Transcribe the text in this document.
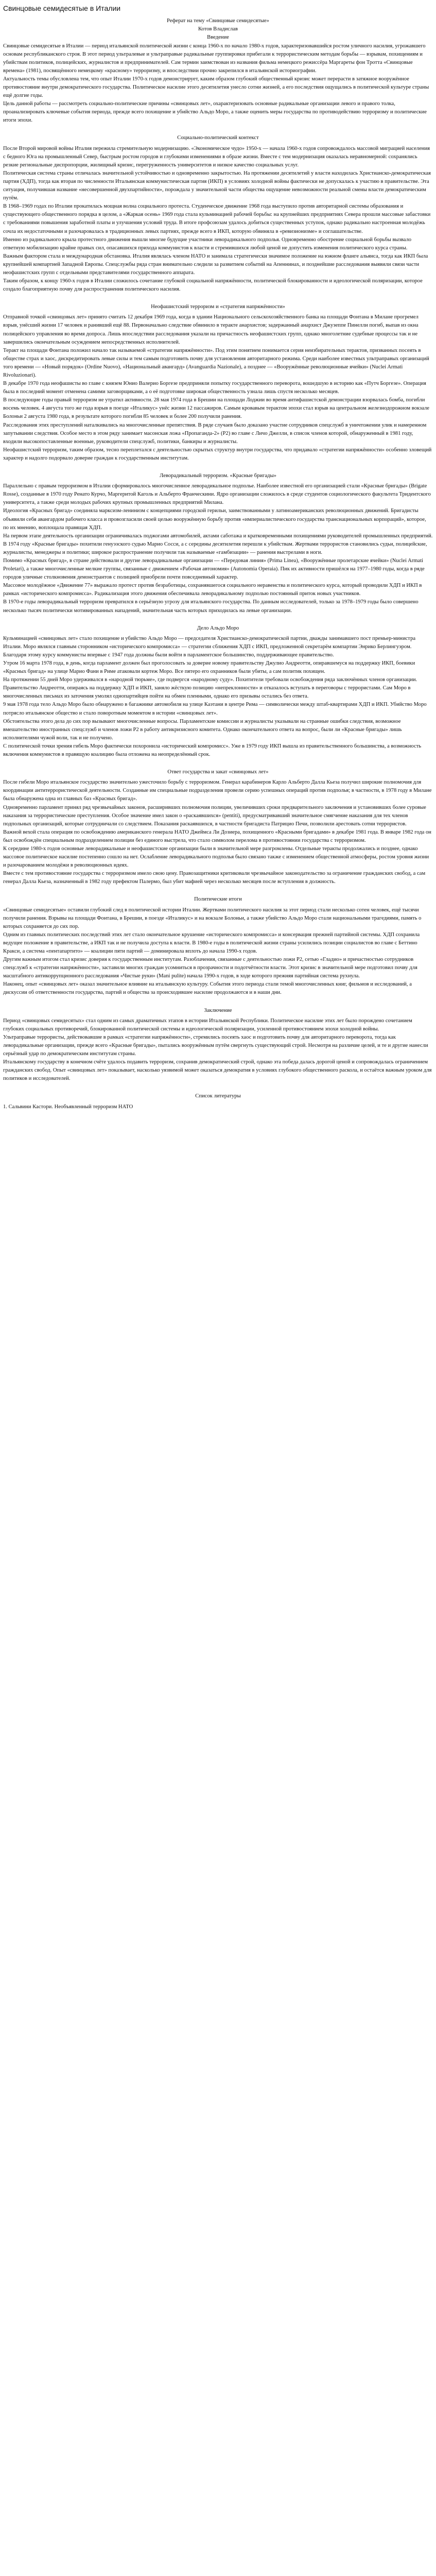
Свинцовые семидесятые в Италии

Реферат на тему «Свинцовые семидесятые»

Котов Владислав

Введение

Свинцовые семидесятые в Италии — период итальянской политической жизни с конца 1960-х по начало 1980-х годов, характеризовавшийся ростом уличного насилия, угрожавшего основам республиканского строя. В этот период ультралевые и ультраправые радикальные группировки прибегали к террористическим методам борьбы — взрывам, похищениям и убийствам политиков, полицейских, журналистов и предпринимателей. Сам термин заимствован из названия фильма немецкого режиссёра Маргареты фон Тротта «Свинцовые времена» (1981), посвящённого немецкому «красному» терроризму, и впоследствии прочно закрепился в итальянской историографии.

Актуальность темы обусловлена тем, что опыт Италии 1970-х годов демонстрирует, каким образом глубокий общественный кризис может перерасти в затяжное вооружённое противостояние внутри демократического государства. Политическое насилие этого десятилетия унесло сотни жизней, а его последствия ощущались в политической культуре страны ещё долгие годы.

Цель данной работы — рассмотреть социально-политические причины «свинцовых лет», охарактеризовать основные радикальные организации левого и правого толка, проанализировать ключевые события периода, прежде всего похищение и убийство Альдо Моро, а также оценить меры государства по противодействию терроризму и политические итоги эпохи.

Социально-политический контекст

После Второй мировой войны Италия пережила стремительную модернизацию. «Экономическое чудо» 1950-х — начала 1960-х годов сопровождалось массовой миграцией населения с бедного Юга на промышленный Север, быстрым ростом городов и глубокими изменениями в образе жизни. Вместе с тем модернизация оказалась неравномерной: сохранялись резкие региональные диспропорции, жилищный кризис, перегруженность университетов и низкое качество социальных услуг.

Политическая система страны отличалась значительной устойчивостью и одновременно закрытостью. На протяжении десятилетий у власти находилась Христианско-демократическая партия (ХДП), тогда как вторая по численности Итальянская коммунистическая партия (ИКП) в условиях холодной войны фактически не допускалась к участию в правительстве. Эта ситуация, получившая название «несовершенной двухпартийности», порождала у значительной части общества ощущение невозможности реальной смены власти демократическим путём.

В 1968–1969 годах по Италии прокатилась мощная волна социального протеста. Студенческое движение 1968 года выступило против авторитарной системы образования и существующего общественного порядка в целом, а «Жаркая осень» 1969 года стала кульминацией рабочей борьбы: на крупнейших предприятиях Севера прошли массовые забастовки с требованиями повышения заработной платы и улучшения условий труда. В итоге профсоюзам удалось добиться существенных уступок, однако радикально настроенная молодёжь сочла их недостаточными и разочаровалась в традиционных левых партиях, прежде всего в ИКП, которую обвиняла в «ревизионизме» и соглашательстве.

Именно из радикального крыла протестного движения вышли многие будущие участники леворадикального подполья. Одновременно обострение социальной борьбы вызвало ответную мобилизацию крайне правых сил, опасавшихся прихода коммунистов к власти и стремившихся любой ценой не допустить изменения политического курса страны.

Важным фактором стала и международная обстановка. Италия являлась членом НАТО и занимала стратегически значимое положение на южном фланге альянса, тогда как ИКП была крупнейшей компартией Западной Европы. Спецслужбы ряда стран внимательно следили за развитием событий на Апеннинах, и позднейшие расследования выявили связи части неофашистских групп с отдельными представителями государственного аппарата.

Таким образом, к концу 1960-х годов в Италии сложилось сочетание глубокой социальной напряжённости, политической блокированности и идеологической поляризации, которое создало благоприятную почву для распространения политического насилия.

Неофашистский терроризм и «стратегия напряжённости»

Отправной точкой «свинцовых лет» принято считать 12 декабря 1969 года, когда в здании Национального сельскохозяйственного банка на площади Фонтана в Милане прогремел взрыв, унёсший жизни 17 человек и ранивший ещё 88. Первоначально следствие обвинило в теракте анархистов; задержанный анархист Джузеппе Пинелли погиб, выпав из окна полицейского управления во время допроса. Лишь впоследствии расследования указали на причастность неофашистских групп, однако многолетние судебные процессы так и не завершились окончательным осуждением непосредственных исполнителей.

Теракт на площади Фонтана положил начало так называемой «стратегии напряжённости». Под этим понятием понимается серия неизбирательных терактов, призванных посеять в обществе страх и хаос, дискредитировать левые силы и тем самым подготовить почву для установления авторитарного режима. Среди наиболее известных ультраправых организаций того времени — «Новый порядок» (Ordine Nuovo), «Национальный авангард» (Avanguardia Nazionale), а позднее — «Вооружённые революционные ячейки» (Nuclei Armati Rivoluzionari).

В декабре 1970 года неофашисты во главе с князем Юнио Валерио Боргезе предприняли попытку государственного переворота, вошедшую в историю как «Путч Боргезе». Операция была в последний момент отменена самими заговорщиками, а о её подготовке широкая общественность узнала лишь спустя несколько месяцев.

В последующие годы правый терроризм не утратил активности. 28 мая 1974 года в Брешии на площади Лоджии во время антифашистской демонстрации взорвалась бомба, погибли восемь человек. 4 августа того же года взрыв в поезде «Италикус» унёс жизни 12 пассажиров. Самым кровавым терактом эпохи стал взрыв на центральном железнодорожном вокзале Болоньи 2 августа 1980 года, в результате которого погибли 85 человек и более 200 получили ранения.

Расследования этих преступлений наталкивались на многочисленные препятствия. В ряде случаев было доказано участие сотрудников спецслужб в уничтожении улик и намеренном запутывании следствия. Особое место в этом ряду занимает масонская ложа «Пропаганда-2» (P2) во главе с Личо Джелли, в список членов которой, обнаруженный в 1981 году, входили высокопоставленные военные, руководители спецслужб, политики, банкиры и журналисты.

Неофашистский терроризм, таким образом, тесно переплетался с деятельностью скрытых структур внутри государства, что придавало «стратегии напряжённости» особенно зловещий характер и надолго подорвало доверие граждан к государственным институтам.

Леворадикальный терроризм. «Красные бригады»

Параллельно с правым терроризмом в Италии сформировалось многочисленное леворадикальное подполье. Наиболее известной его организацией стали «Красные бригады» (Brigate Rosse), созданные в 1970 году Ренато Курчо, Маргеритой Каголь и Альберто Франческини. Ядро организации сложилось в среде студентов социологического факультета Тридентского университета, а также среди молодых рабочих крупных промышленных предприятий Милана.

Идеология «Красных бригад» соединяла марксизм-ленинизм с концепциями городской герильи, заимствованными у латиноамериканских революционных движений. Бригадисты объявили себя авангардом рабочего класса и провозгласили своей целью вооружённую борьбу против «империалистического государства транснациональных корпораций», которое, по их мнению, воплощала правящая ХДП.

На первом этапе деятельность организации ограничивалась поджогами автомобилей, актами саботажа и кратковременными похищениями руководителей промышленных предприятий. В 1974 году «Красные бригады» похитили генуэзского судью Марио Сосси, а с середины десятилетия перешли к убийствам. Жертвами террористов становились судьи, полицейские, журналисты, менеджеры и политики; широкое распространение получили так называемые «гамбизации» — ранения выстрелами в ноги.

Помимо «Красных бригад», в стране действовали и другие леворадикальные организации — «Передовая линия» (Prima Linea), «Вооружённые пролетарские ячейки» (Nuclei Armati Proletari), а также многочисленные мелкие группы, связанные с движением «Рабочая автономия» (Autonomia Operaia). Пик их активности пришёлся на 1977–1980 годы, когда в ряде городов уличные столкновения демонстрантов с полицией приобрели почти повседневный характер.

Массовое молодёжное «Движение 77» выражало протест против безработицы, сохранявшегося социального неравенства и политического курса, который проводили ХДП и ИКП в рамках «исторического компромисса». Радикализация этого движения обеспечивала леворадикальному подполью постоянный приток новых участников.

В 1970-е годы леворадикальный терроризм превратился в серьёзную угрозу для итальянского государства. По данным исследователей, только за 1978–1979 годы было совершено несколько тысяч политически мотивированных нападений, значительная часть которых приходилась на левые организации.

Дело Альдо Моро

Кульминацией «свинцовых лет» стало похищение и убийство Альдо Моро — председателя Христианско-демократической партии, дважды занимавшего пост премьер-министра Италии. Моро являлся главным сторонником «исторического компромисса» — стратегии сближения ХДП с ИКП, предложенной секретарём компартии Энрико Берлингуэром. Благодаря этому курсу коммунисты впервые с 1947 года должны были войти в парламентское большинство, поддерживающее правительство.

Утром 16 марта 1978 года, в день, когда парламент должен был проголосовать за доверие новому правительству Джулио Андреотти, опиравшемуся на поддержку ИКП, боевики «Красных бригад» на улице Марио Фани в Риме атаковали кортеж Моро. Все пятеро его охранников были убиты, а сам политик похищен.

На протяжении 55 дней Моро удерживался в «народной тюрьме», где подвергся «народному суду». Похитители требовали освобождения ряда заключённых членов организации. Правительство Андреотти, опираясь на поддержку ХДП и ИКП, заняло жёсткую позицию «непреклонности» и отказалось вступать в переговоры с террористами. Сам Моро в многочисленных письмах из заточения умолял однопартийцев пойти на обмен пленными, однако его призывы остались без ответа.

9 мая 1978 года тело Альдо Моро было обнаружено в багажнике автомобиля на улице Каэтани в центре Рима — символически между штаб-квартирами ХДП и ИКП. Убийство Моро потрясло итальянское общество и стало поворотным моментом в истории «свинцовых лет».

Обстоятельства этого дела до сих пор вызывают многочисленные вопросы. Парламентские комиссии и журналисты указывали на странные ошибки следствия, возможное вмешательство иностранных спецслужб и членов ложи P2 в работу антикризисного комитета. Однако окончательного ответа на вопрос, были ли «Красные бригады» лишь исполнителями чужой воли, так и не получено.

С политической точки зрения гибель Моро фактически похоронила «исторический компромисс». Уже в 1979 году ИКП вышла из правительственного большинства, а возможность включения коммунистов в правящую коалицию была отложена на неопределённый срок.

Ответ государства и закат «свинцовых лет»

После гибели Моро итальянское государство значительно ужесточило борьбу с терроризмом. Генерал карабинеров Карло Альберто Далла Кьеза получил широкие полномочия для координации антитеррористической деятельности. Созданные им специальные подразделения провели серию успешных операций против подполья; в частности, в 1978 году в Милане была обнаружена одна из главных баз «Красных бригад».

Одновременно парламент принял ряд чрезвычайных законов, расширивших полномочия полиции, увеличивших сроки предварительного заключения и установивших более суровые наказания за террористические преступления. Особое значение имел закон о «раскаявшихся» (pentiti), предусматривавший значительное смягчение наказания для тех членов подпольных организаций, которые сотрудничали со следствием. Показания раскаявшихся, в частности бригадиста Патрицио Печи, позволили арестовать сотни террористов.

Важной вехой стала операция по освобождению американского генерала НАТО Джеймса Ли Дозиера, похищенного «Красными бригадами» в декабре 1981 года. В январе 1982 года он был освобождён специальным подразделением полиции без единого выстрела, что стало символом перелома в противостоянии государства с терроризмом.

К середине 1980-х годов основные леворадикальные и неофашистские организации были в значительной мере разгромлены. Отдельные теракты продолжались и позднее, однако массовое политическое насилие постепенно сошло на нет. Ослабление леворадикального подполья было связано также с изменением общественной атмосферы, ростом уровня жизни и разочарованием молодёжи в революционных идеях.

Вместе с тем противостояние государства с терроризмом имело свою цену. Правозащитники критиковали чрезвычайное законодательство за ограничение гражданских свобод, а сам генерал Далла Кьеза, назначенный в 1982 году префектом Палермо, был убит мафией через несколько месяцев после вступления в должность.

Политические итоги

«Свинцовые семидесятые» оставили глубокий след в политической истории Италии. Жертвами политического насилия за этот период стали несколько сотен человек, ещё тысячи получили ранения. Взрывы на площади Фонтана, в Брешии, в поезде «Италикус» и на вокзале Болоньи, а также убийство Альдо Моро стали национальными трагедиями, память о которых сохраняется до сих пор.

Одним из главных политических последствий этих лет стало окончательное крушение «исторического компромисса» и консервация прежней партийной системы. ХДП сохранила ведущее положение в правительстве, а ИКП так и не получила доступа к власти. В 1980-е годы в политической жизни страны усилились позиции социалистов во главе с Беттино Кракси, а система «пентапартито» — коалиции пяти партий — доминировала вплоть до начала 1990-х годов.

Другим важным итогом стал кризис доверия к государственным институтам. Разоблачения, связанные с деятельностью ложи P2, сетью «Гладио» и причастностью сотрудников спецслужб к «стратегии напряжённости», заставили многих граждан усомниться в прозрачности и подотчётности власти. Этот кризис в значительной мере подготовил почву для масштабного антикоррупционного расследования «Чистые руки» (Mani pulite) начала 1990-х годов, в ходе которого прежняя партийная система рухнула.

Наконец, опыт «свинцовых лет» оказал значительное влияние на итальянскую культуру. События этого периода стали темой многочисленных книг, фильмов и исследований, а дискуссии об ответственности государства, партий и общества за происходившее насилие продолжаются и в наши дни.

Заключение

Период «свинцовых семидесятых» стал одним из самых драматичных этапов в истории Итальянской Республики. Политическое насилие этих лет было порождено сочетанием глубоких социальных противоречий, блокированной политической системы и идеологической поляризации, усиленной противостоянием эпохи холодной войны.

Ультраправые террористы, действовавшие в рамках «стратегии напряжённости», стремились посеять хаос и подготовить почву для авторитарного переворота, тогда как леворадикальные организации, прежде всего «Красные бригады», пытались вооружённым путём свергнуть существующий строй. Несмотря на различие целей, и те и другие нанесли серьёзный удар по демократическим институтам страны.

Итальянскому государству в конечном счёте удалось подавить терроризм, сохранив демократический строй, однако эта победа далась дорогой ценой и сопровождалась ограничением гражданских свобод. Опыт «свинцовых лет» показывает, насколько уязвимой может оказаться демократия в условиях глубокого общественного раскола, и остаётся важным уроком для политиков и исследователей.

Список литературы

1. Сальвини Кастори. Необъявленный терроризм НАТО
